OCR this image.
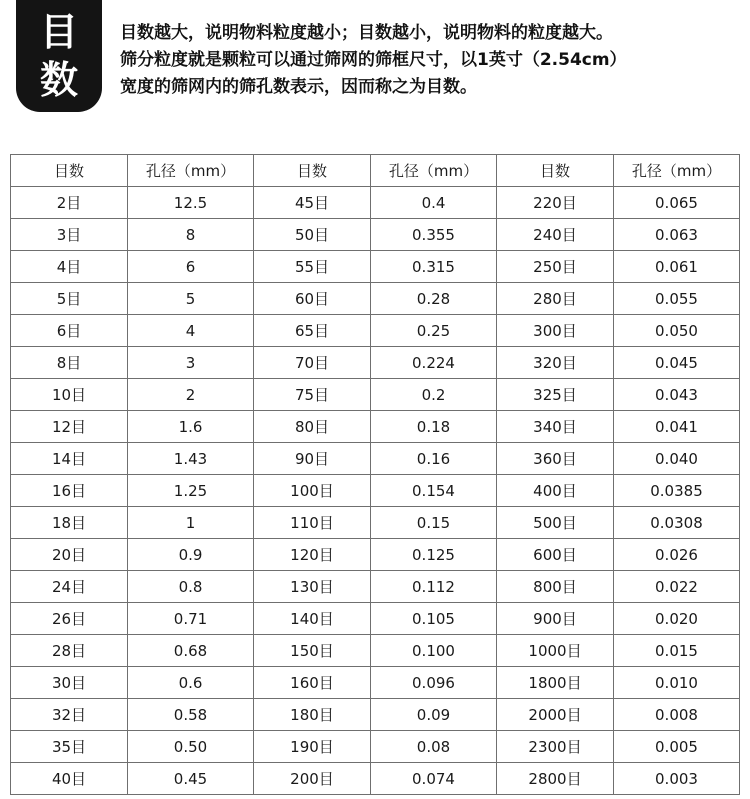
目
数

目数越大，说明物料粒度越小；目数越小，说明物料的粒度越大。

筛分粒度就是颗粒可以通过筛网的筛框尺寸，以1英寸（2.54cm）

宽度的筛网内的筛孔数表示，因而称之为目数。

目数	孔径（mm）	目数	孔径（mm）	目数	孔径（mm）
2目	12.5	45目	0.4	220目	0.065
3目	8	50目	0.355	240目	0.063
4目	6	55目	0.315	250目	0.061
5目	5	60目	0.28	280目	0.055
6目	4	65目	0.25	300目	0.050
8目	3	70目	0.224	320目	0.045
10目	2	75目	0.2	325目	0.043
12目	1.6	80目	0.18	340目	0.041
14目	1.43	90目	0.16	360目	0.040
16目	1.25	100目	0.154	400目	0.0385
18目	1	110目	0.15	500目	0.0308
20目	0.9	120目	0.125	600目	0.026
24目	0.8	130目	0.112	800目	0.022
26目	0.71	140目	0.105	900目	0.020
28目	0.68	150目	0.100	1000目	0.015
30目	0.6	160目	0.096	1800目	0.010
32目	0.58	180目	0.09	2000目	0.008
35目	0.50	190目	0.08	2300目	0.005
40目	0.45	200目	0.074	2800目	0.003
